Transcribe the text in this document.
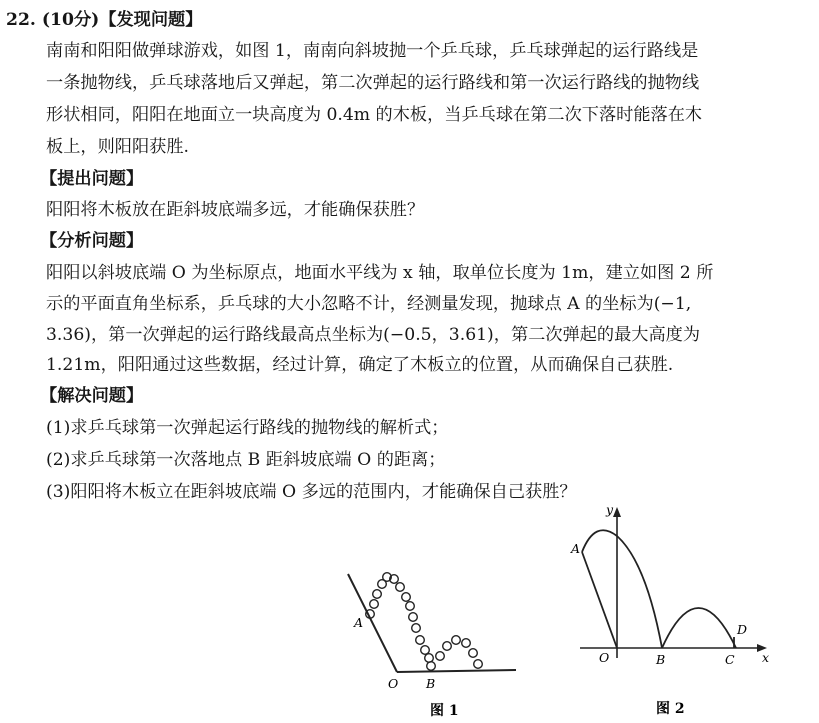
22. (10分)【发现问题】
南南和阳阳做弹球游戏，如图 1，南南向斜坡抛一个乒乓球，乒乓球弹起的运行路线是
一条抛物线，乒乓球落地后又弹起，第二次弹起的运行路线和第一次运行路线的抛物线
形状相同，阳阳在地面立一块高度为 0.4m 的木板，当乒乓球在第二次下落时能落在木
板上，则阳阳获胜.
【提出问题】
阳阳将木板放在距斜坡底端多远，才能确保获胜？
【分析问题】
阳阳以斜坡底端 O 为坐标原点，地面水平线为 x 轴，取单位长度为 1m，建立如图 2 所
示的平面直角坐标系，乒乓球的大小忽略不计，经测量发现，抛球点 A 的坐标为(−1,
3.36)，第一次弹起的运行路线最高点坐标为(−0.5，3.61)，第二次弹起的最大高度为
1.21m，阳阳通过这些数据，经过计算，确定了木板立的位置，从而确保自己获胜.
【解决问题】
(1)求乒乓球第一次弹起运行路线的抛物线的解析式；
(2)求乒乓球第一次落地点 B 距斜坡底端 O 的距离；
(3)阳阳将木板立在距斜坡底端 O 多远的范围内，才能确保自己获胜？
A
O B
图 1
y
x
A
O	B	C
D
图 2
